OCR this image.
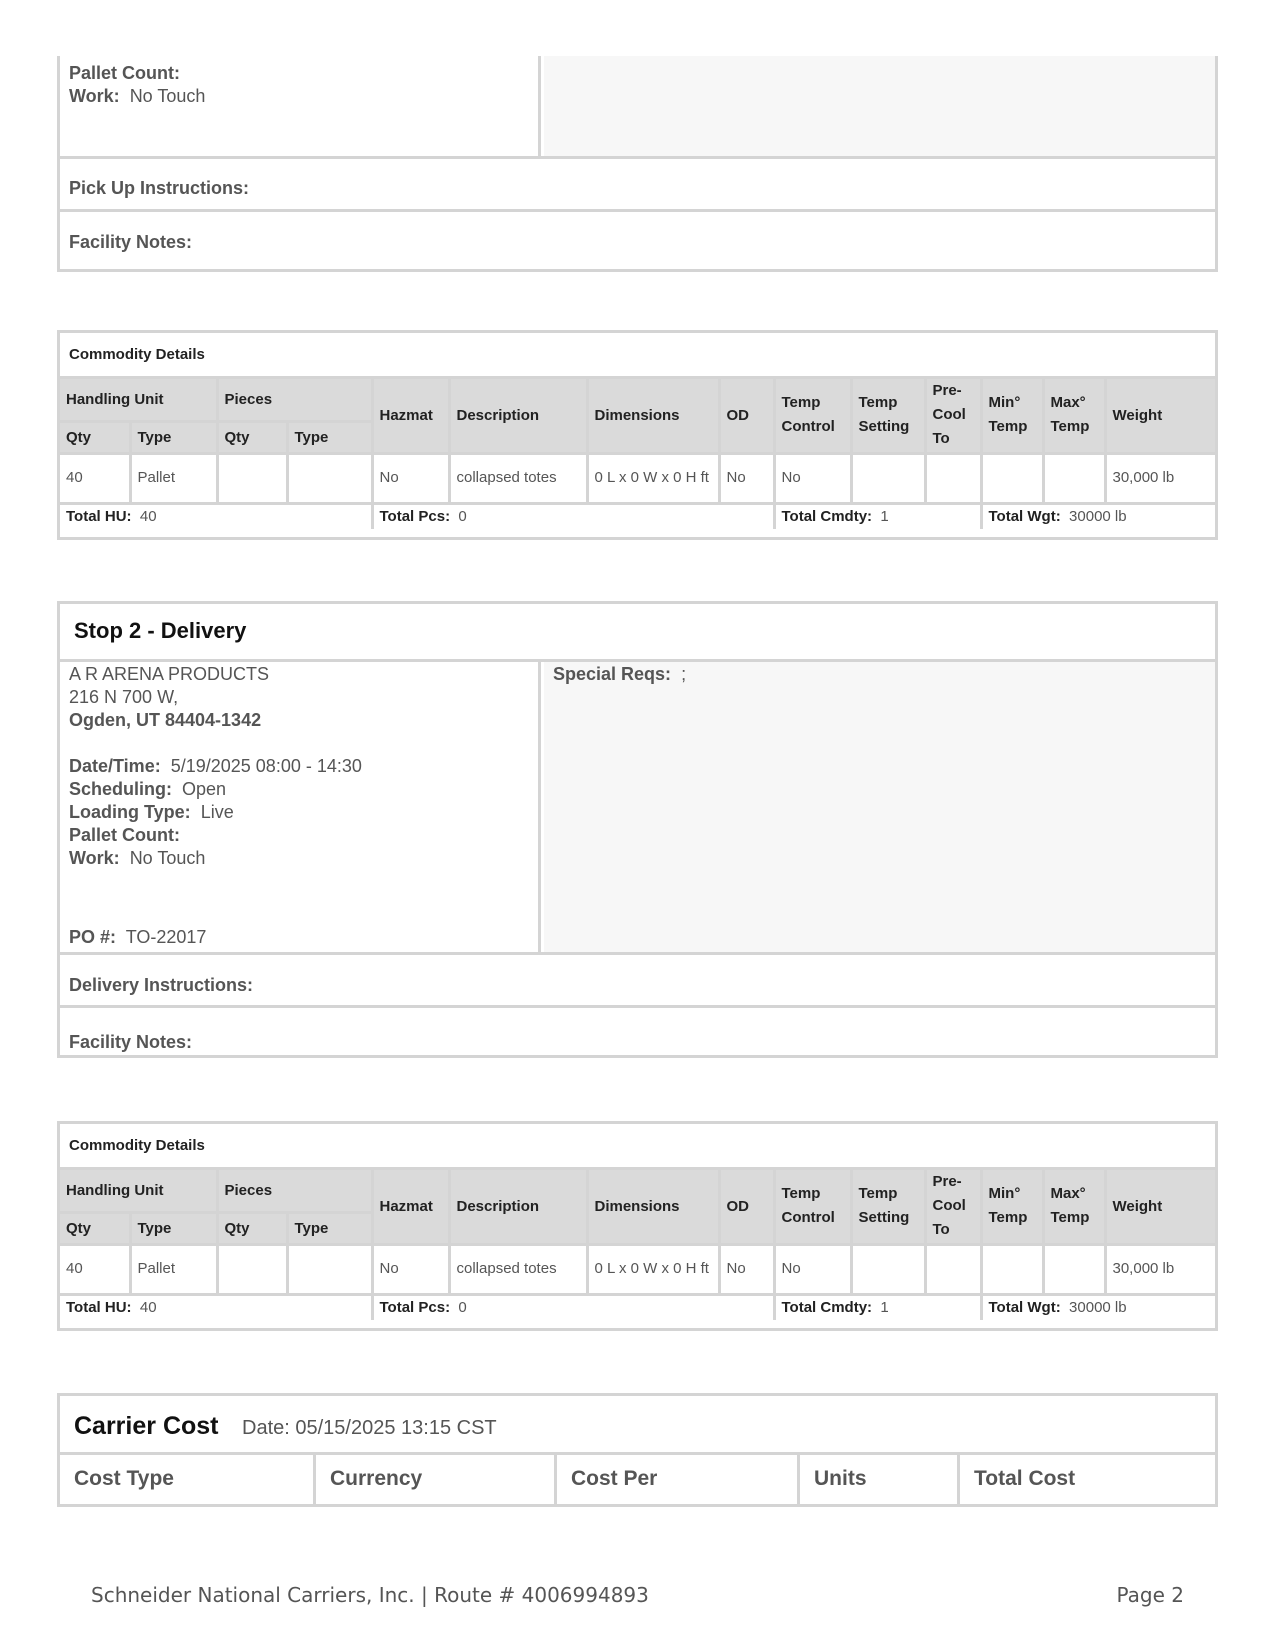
Pallet Count:
Work: No Touch
Pick Up Instructions:
Facility Notes:
Commodity Details													
Handling Unit		Pieces		Hazmat	Description	Dimensions	OD	Temp Control	Temp Setting	Pre-Cool To	Min° Temp	Max° Temp	Weight
Qty	Type	Qty	Type										
40	Pallet			No	collapsed totes	0 L x 0 W x 0 H ft	No	No					30,000 lb
Total HU: 40				Total Pcs: 0				Total Cmdty: 1			Total Wgt: 30000 lb		
Stop 2 - Delivery
A R ARENA PRODUCTS
216 N 700 W,
Ogden, UT 84404-1342
Date/Time: 5/19/2025 08:00 - 14:30
Scheduling: Open
Loading Type: Live
Pallet Count:
Work: No Touch
PO #: TO-22017
Special Reqs: ;
Delivery Instructions:
Facility Notes:
Commodity Details													
Handling Unit		Pieces		Hazmat	Description	Dimensions	OD	Temp Control	Temp Setting	Pre-Cool To	Min° Temp	Max° Temp	Weight
Qty	Type	Qty	Type										
40	Pallet			No	collapsed totes	0 L x 0 W x 0 H ft	No	No					30,000 lb
Total HU: 40				Total Pcs: 0				Total Cmdty: 1			Total Wgt: 30000 lb		
Carrier Cost Date: 05/15/2025 13:15 CST
Cost Type	Currency	Cost Per	Units	Total Cost
Schneider National Carriers, Inc. | Route # 4006994893	Page 2
